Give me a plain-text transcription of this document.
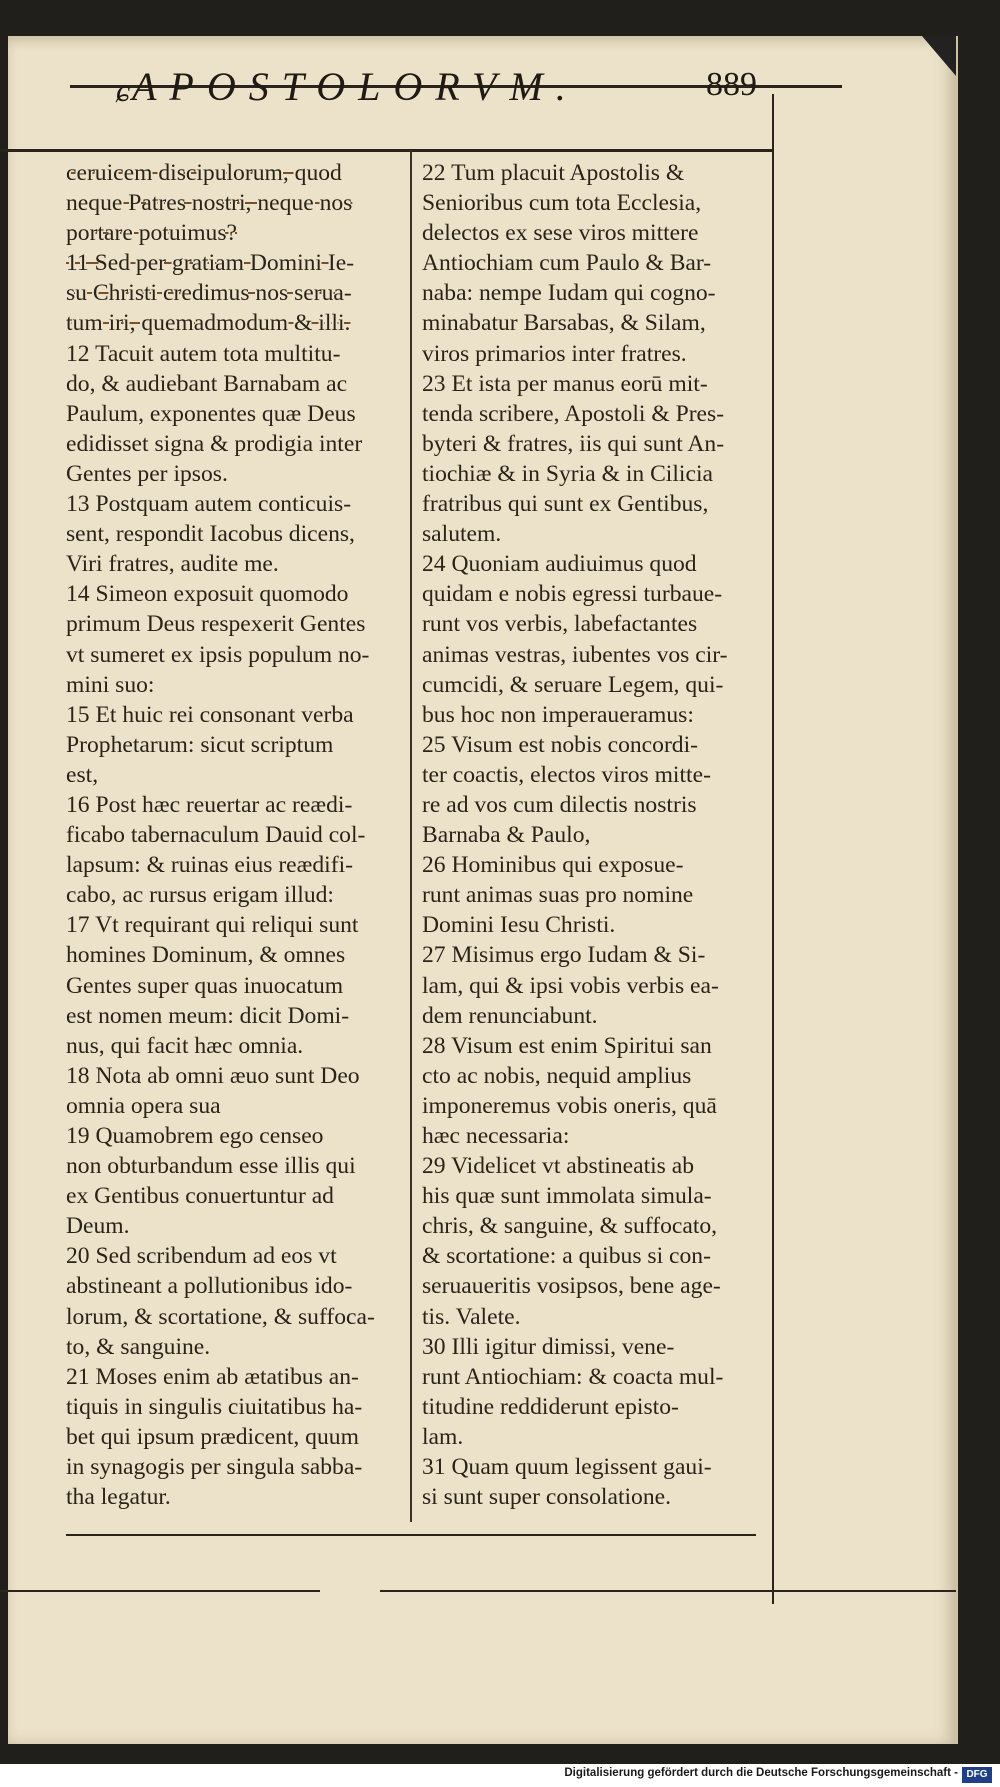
ɕ APOSTOLORVM.	889
ceruicem discipulorum, quod
neque Patres nostri, neque nos
portare potuimus?
11 Sed per gratiam Domini Ie-
su Christi credimus nos serua-
tum iri, quemadmodum & illi.
12 Tacuit autem tota multitu-
do, & audiebant Barnabam ac
Paulum, exponentes quæ Deus
edidisset signa & prodigia inter
Gentes per ipsos.
13 Postquam autem conticuis-
sent, respondit Iacobus dicens,
Viri fratres, audite me.
14 Simeon exposuit quomodo
primum Deus respexerit Gentes
vt sumeret ex ipsis populum no-
mini suo:
15 Et huic rei consonant verba
Prophetarum: sicut scriptum
est,
16 Post hæc reuertar ac reædi-
ficabo tabernaculum Dauid col-
lapsum: & ruinas eius reædifi-
cabo, ac rursus erigam illud:
17 Vt requirant qui reliqui sunt
homines Dominum, & omnes
Gentes super quas inuocatum
est nomen meum: dicit Domi-
nus, qui facit hæc omnia.
18 Nota ab omni æuo sunt Deo
omnia opera sua
19 Quamobrem ego censeo
non obturbandum esse illis qui
ex Gentibus conuertuntur ad
Deum.
20 Sed scribendum ad eos vt
abstineant a pollutionibus ido-
lorum, & scortatione, & suffoca-
to, & sanguine.
21 Moses enim ab ætatibus an-
tiquis in singulis ciuitatibus ha-
bet qui ipsum prædicent, quum
in synagogis per singula sabba-
tha legatur.
22 Tum placuit Apostolis &
Senioribus cum tota Ecclesia,
delectos ex sese viros mittere
Antiochiam cum Paulo & Bar-
naba: nempe Iudam qui cogno-
minabatur Barsabas, & Silam,
viros primarios inter fratres.
23 Et ista per manus eorū mit-
tenda scribere, Apostoli & Pres-
byteri & fratres, iis qui sunt An-
tiochiæ & in Syria & in Cilicia
fratribus qui sunt ex Gentibus,
salutem.
24 Quoniam audiuimus quod
quidam e nobis egressi turbaue-
runt vos verbis, labefactantes
animas vestras, iubentes vos cir-
cumcidi, & seruare Legem, qui-
bus hoc non imperaueramus:
25 Visum est nobis concordi-
ter coactis, electos viros mitte-
re ad vos cum dilectis nostris
Barnaba & Paulo,
26 Hominibus qui exposue-
runt animas suas pro nomine
Domini Iesu Christi.
27 Misimus ergo Iudam & Si-
lam, qui & ipsi vobis verbis ea-
dem renunciabunt.
28 Visum est enim Spiritui san
cto ac nobis, nequid amplius
imponeremus vobis oneris, quā
hæc necessaria:
29 Videlicet vt abstineatis ab
his quæ sunt immolata simula-
chris, & sanguine, & suffocato,
& scortatione: a quibus si con-
seruaueritis vosipsos, bene age-
tis. Valete.
30 Illi igitur dimissi, vene-
runt Antiochiam: & coacta mul-
titudine reddiderunt episto-
lam.
31 Quam quum legissent gaui-
si sunt super consolatione.
Digitalisierung gefördert durch die Deutsche Forschungsgemeinschaft - DFG
